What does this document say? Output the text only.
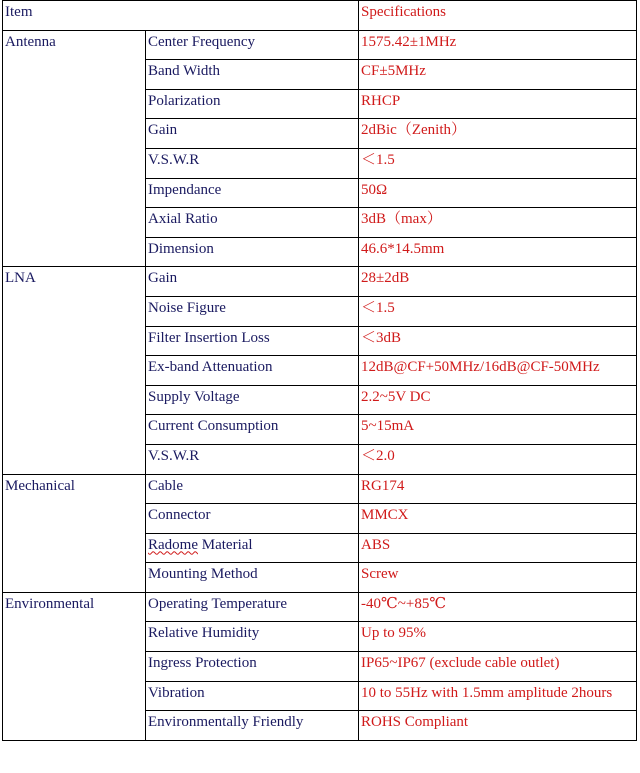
Item		Specifications
Antenna	Center Frequency	1575.42±1MHz
	Band Width	CF±5MHz
	Polarization	RHCP
	Gain	2dBic（Zenith）
	V.S.W.R	＜1.5
	Impendance	50Ω
	Axial Ratio	3dB（max）
	Dimension	46.6*14.5mm
LNA	Gain	28±2dB
	Noise Figure	＜1.5
	Filter Insertion Loss	＜3dB
	Ex-band Attenuation	12dB@CF+50MHz/16dB@CF-50MHz
	Supply Voltage	2.2~5V DC
	Current Consumption	5~15mA
	V.S.W.R	＜2.0
Mechanical	Cable	RG174
	Connector	MMCX
	Radome Material	ABS
	Mounting Method	Screw
Environmental	Operating Temperature	-40℃~+85℃
	Relative Humidity	Up to 95%
	Ingress Protection	IP65~IP67 (exclude cable outlet)
	Vibration	10 to 55Hz with 1.5mm amplitude 2hours
	Environmentally Friendly	ROHS Compliant
